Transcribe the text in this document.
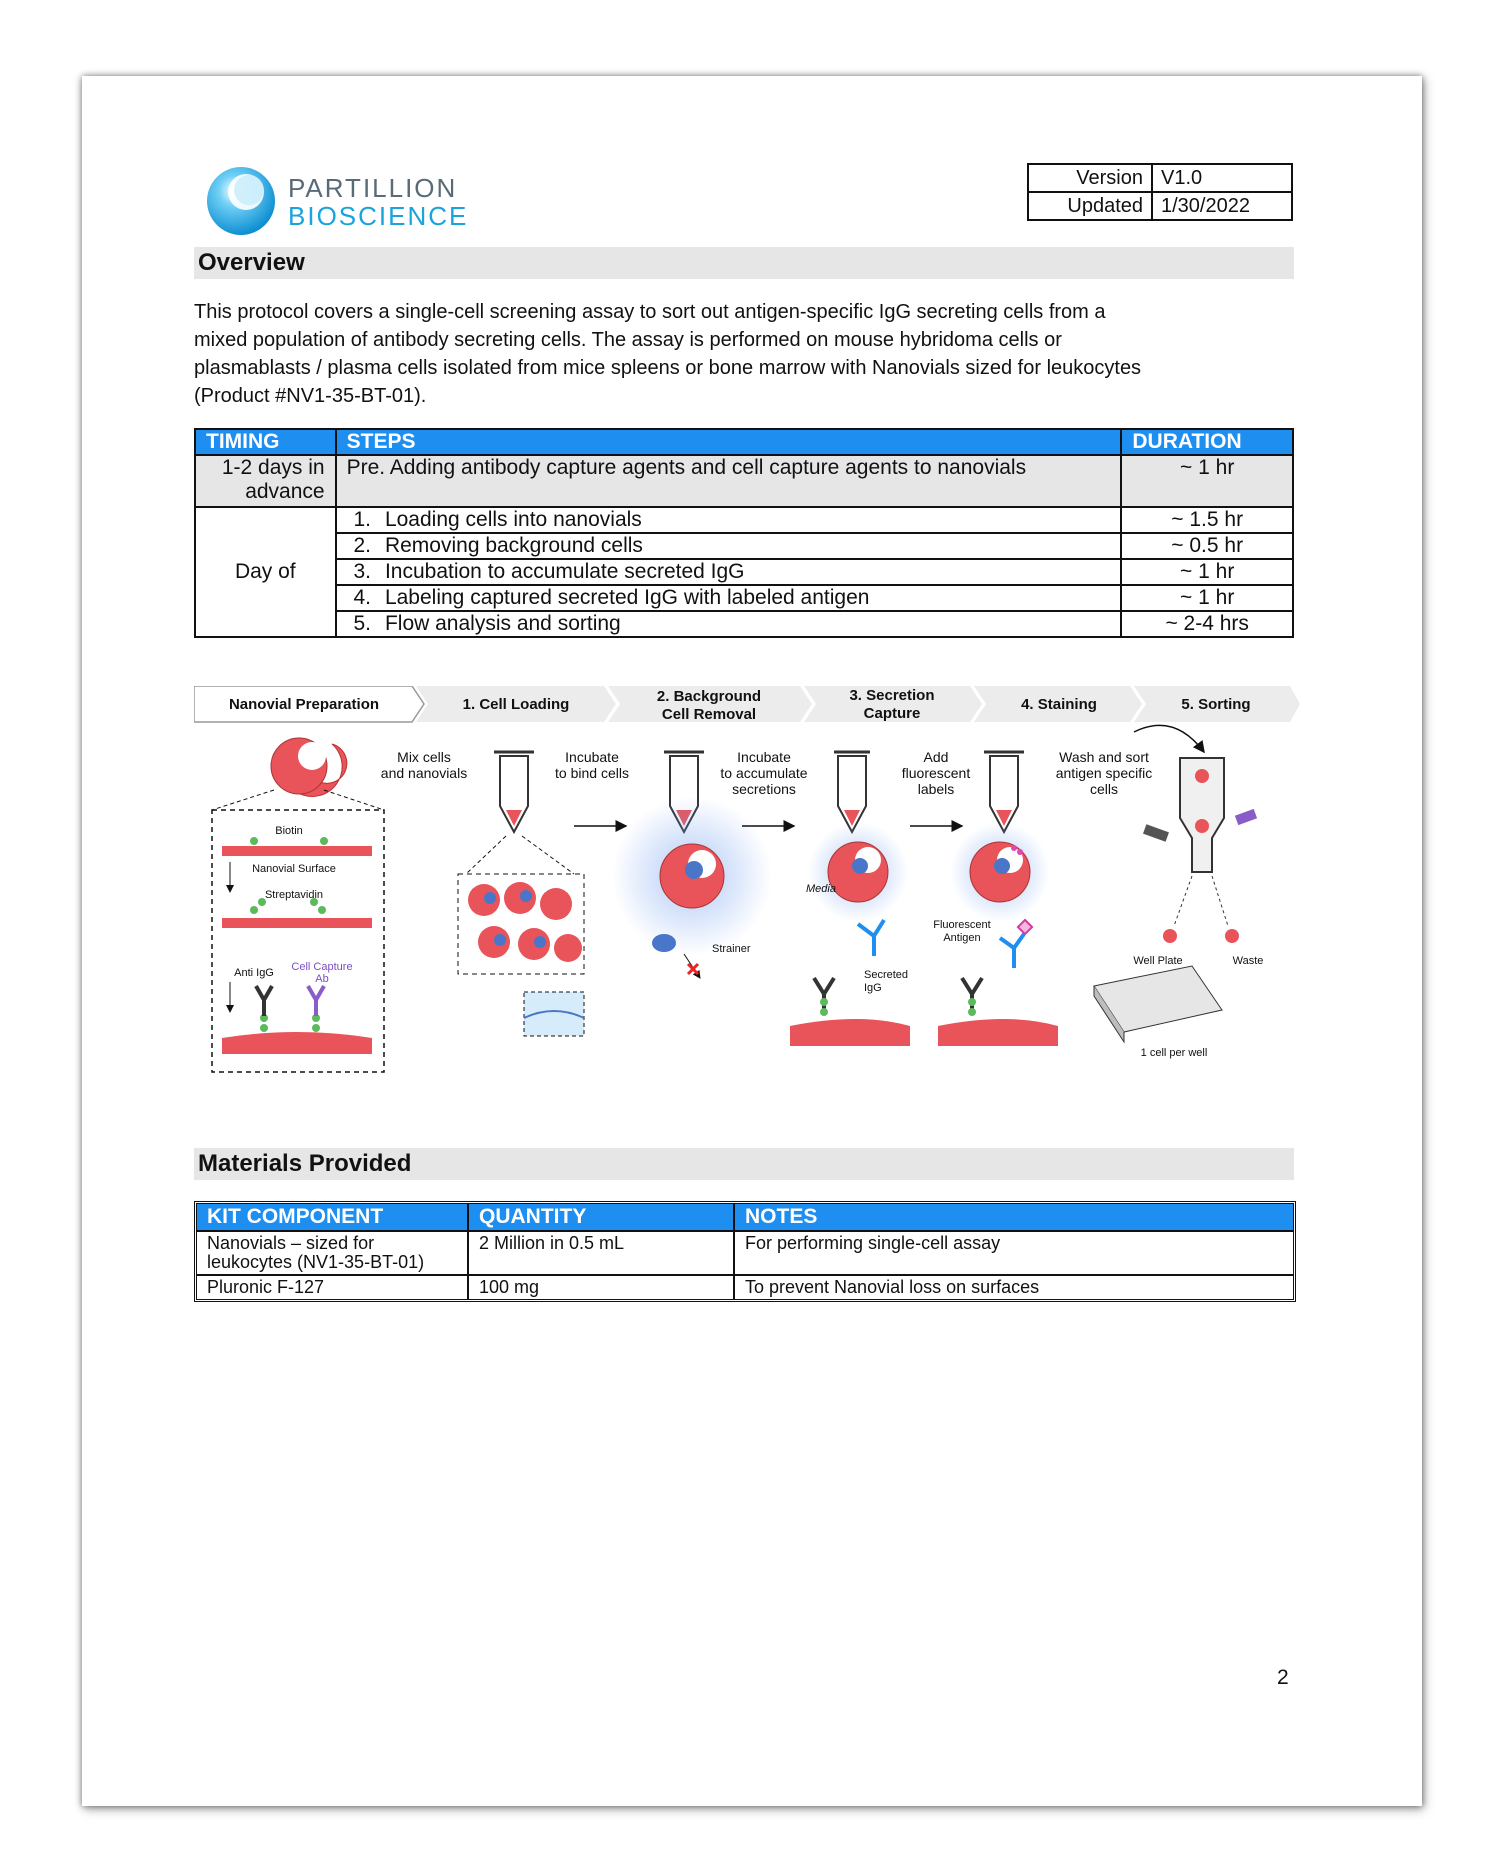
PARTILLION
BIOSCIENCE
Version	V1.0
Updated	1/30/2022
Overview
This protocol covers a single-cell screening assay to sort out antigen-specific IgG secreting cells from a
mixed population of antibody secreting cells. The assay is performed on mouse hybridoma cells or
plasmablasts / plasma cells isolated from mice spleens or bone marrow with Nanovials sized for leukocytes
(Product #NV1-35-BT-01).
TIMING	STEPS		DURATION

1-2 days in
advance	Pre. Adding antibody capture agents and cell capture agents to nanovials		~ 1 hr
Day of	1.	Loading cells into nanovials	~ 1.5 hr
	2.	Removing background cells	~ 0.5 hr
	3.	Incubation to accumulate secreted IgG	~ 1 hr
	4.	Labeling captured secreted IgG with labeled antigen	~ 1 hr
	5.	Flow analysis and sorting	~ 2-4 hrs
Nanovial Preparation	1. Cell Loading	2. Background
Cell Removal
3. Secretion
Capture
4. Staining	5. Sorting
Biotin
Nanovial Surface
Streptavidin
Anti IgG Cell Capture
Ab
Mix cells
and nanovials
Incubate
to bind cells
Strainer
Incubate
to accumulate
secretions
Media
Secreted
IgG
Add
fluorescent
labels
Fluorescent
Antigen
Wash and sort
antigen specific
cells
Well Plate	Waste
1 cell per well
Materials Provided
KIT COMPONENT	QUANTITY	NOTES

Nanovials – sized for
leukocytes (NV1-35-BT-01)	2 Million in 0.5 mL	For performing single-cell assay
Pluronic F-127	100 mg	To prevent Nanovial loss on surfaces
2
